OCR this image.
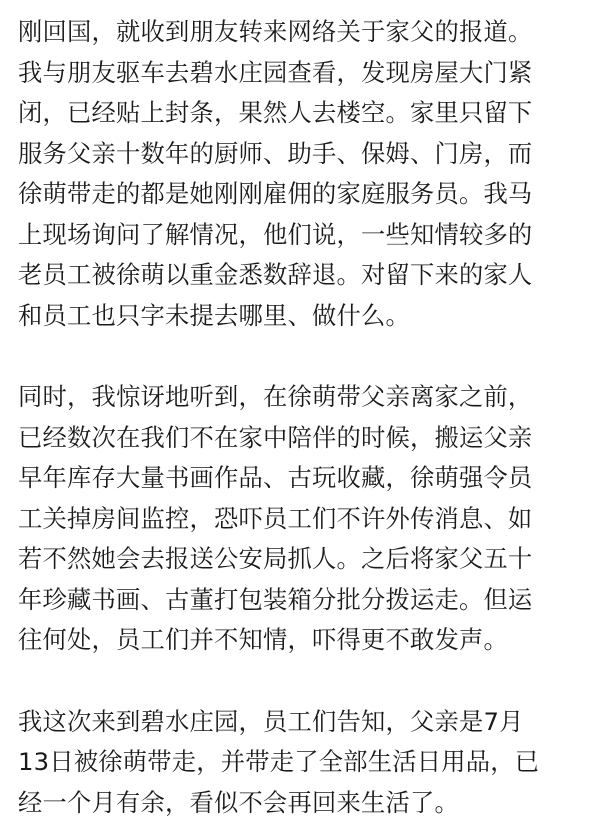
刚回国，就收到朋友转来网络关于家父的报道。
我与朋友驱车去碧水庄园查看，发现房屋大门紧
闭，已经贴上封条，果然人去楼空。家里只留下
服务父亲十数年的厨师、助手、保姆、门房，而
徐萌带走的都是她刚刚雇佣的家庭服务员。我马
上现场询问了解情况，他们说，一些知情较多的
老员工被徐萌以重金悉数辞退。对留下来的家人
和员工也只字未提去哪里、做什么。
同时，我惊讶地听到，在徐萌带父亲离家之前，
已经数次在我们不在家中陪伴的时候，搬运父亲
早年库存大量书画作品、古玩收藏，徐萌强令员
工关掉房间监控，恐吓员工们不许外传消息、如
若不然她会去报送公安局抓人。之后将家父五十
年珍藏书画、古董打包装箱分批分拨运走。但运
往何处，员工们并不知情，吓得更不敢发声。
我这次来到碧水庄园，员工们告知，父亲是7月
13日被徐萌带走，并带走了全部生活日用品，已
经一个月有余，看似不会再回来生活了。
